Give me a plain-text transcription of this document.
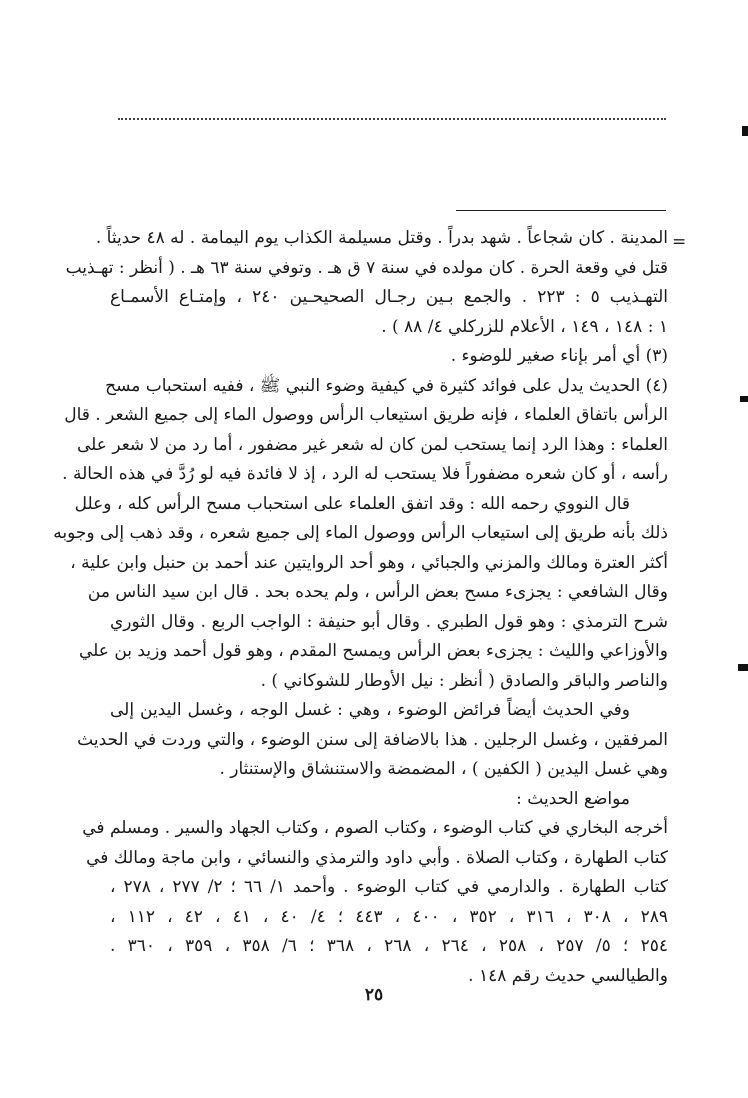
=
المدينة . كان شجاعاً . شهد بدراً . وقتل مسيلمة الكذاب يوم اليمامة . له ٤٨ حديثاً .
قتل في وقعة الحرة . كان مولده في سنة ٧ ق هـ . وتوفي سنة ٦٣ هـ . ( أنظر : تهـذيب
التهـذيب ٥ : ٢٢٣ . والجمع بـين رجـال الصحيحـين ٢٤٠ ، وإمتـاع الأسمـاع
١ : ١٤٨ ، ١٤٩ ، الأعلام للزركلي ٤/ ٨٨ ) .
(٣) أي أمر بإناء صغير للوضوء .
(٤) الحديث يدل على فوائد كثيرة في كيفية وضوء النبي ﷺ ، ففيه استحباب مسح
الرأس باتفاق العلماء ، فإنه طريق استيعاب الرأس ووصول الماء إلى جميع الشعر . قال
العلماء : وهذا الرد إنما يستحب لمن كان له شعر غير مضفور ، أما رد من لا شعر على
رأسه ، أو كان شعره مضفوراً فلا يستحب له الرد ، إذ لا فائدة فيه لو رُدَّ في هذه الحالة .
قال النووي رحمه الله : وقد اتفق العلماء على استحباب مسح الرأس كله ، وعلل
ذلك بأنه طريق إلى استيعاب الرأس ووصول الماء إلى جميع شعره ، وقد ذهب إلى وجوبه
أكثر العترة ومالك والمزني والجبائي ، وهو أحد الروايتين عند أحمد بن حنبل وابن علية ،
وقال الشافعي : يجزىء مسح بعض الرأس ، ولم يحده بحد . قال ابن سيد الناس من
شرح الترمذي : وهو قول الطبري . وقال أبو حنيفة : الواجب الربع . وقال الثوري
والأوزاعي والليث : يجزىء بعض الرأس ويمسح المقدم ، وهو قول أحمد وزيد بن علي
والناصر والباقر والصادق ( أنظر : نيل الأوطار للشوكاني ) .
وفي الحديث أيضاً فرائض الوضوء ، وهي : غسل الوجه ، وغسل اليدين إلى
المرفقين ، وغسل الرجلين . هذا بالاضافة إلى سنن الوضوء ، والتي وردت في الحديث
وهي غسل اليدين ( الكفين ) ، المضمضة والاستنشاق والإستنثار .
مواضع الحديث :
أخرجه البخاري في كتاب الوضوء ، وكتاب الصوم ، وكتاب الجهاد والسير . ومسلم في
كتاب الطهارة ، وكتاب الصلاة . وأبي داود والترمذي والنسائي ، وابن ماجة ومالك في
كتاب الطهارة . والدارمي في كتاب الوضوء . وأحمد ١/ ٦٦ ؛ ٢/ ٢٧٧ ، ٢٧٨ ،
٢٨٩ ، ٣٠٨ ، ٣١٦ ، ٣٥٢ ، ٤٠٠ ، ٤٤٣ ؛ ٤/ ٤٠ ، ٤١ ، ٤٢ ، ١١٢ ،
٢٥٤ ؛ ٥/ ٢٥٧ ، ٢٥٨ ، ٢٦٤ ، ٢٦٨ ، ٣٦٨ ؛ ٦/ ٣٥٨ ، ٣٥٩ ، ٣٦٠ .
والطيالسي حديث رقم ١٤٨ .
٢٥
